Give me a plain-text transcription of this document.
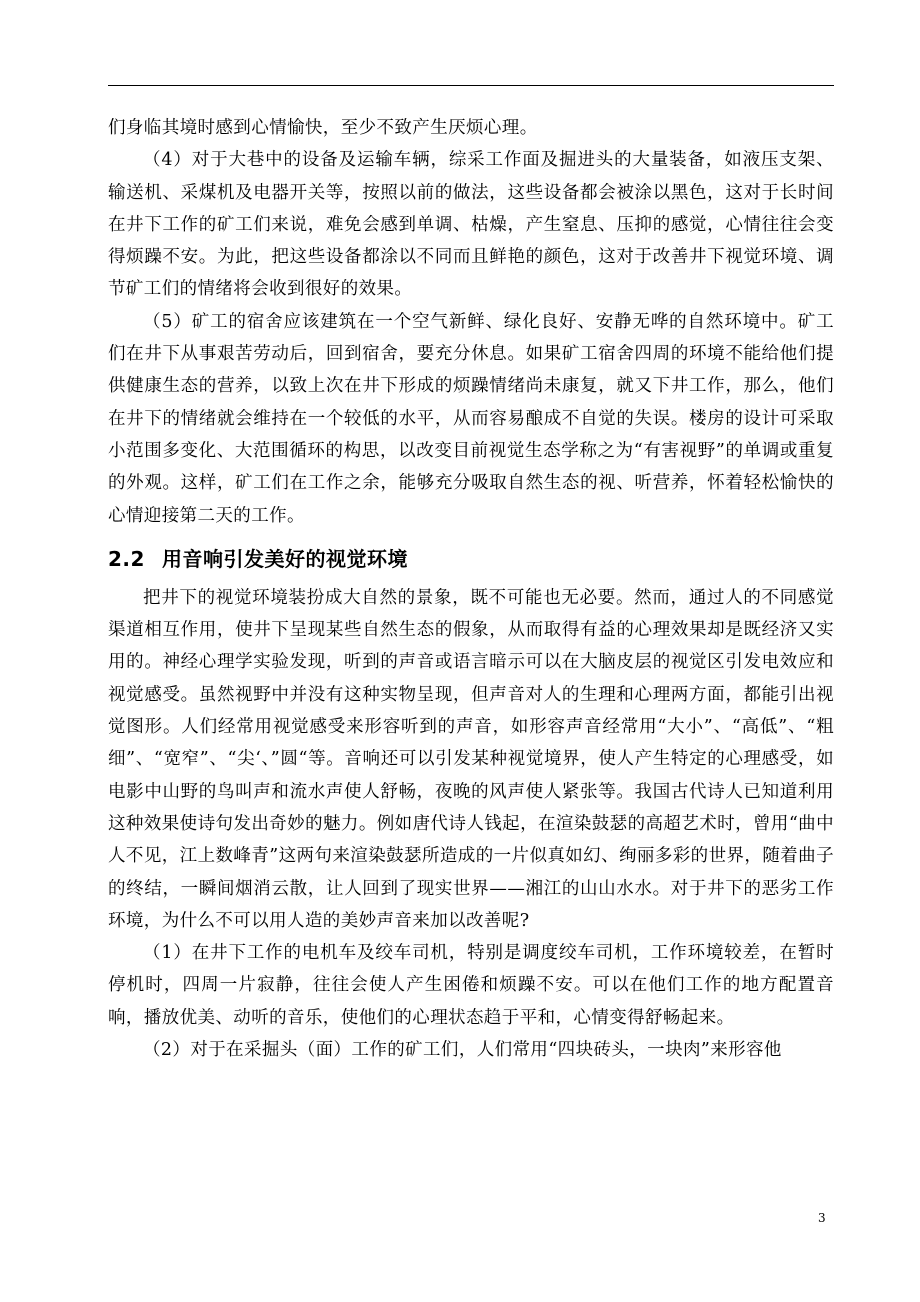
们身临其境时感到心情愉快，至少不致产生厌烦心理。

（4）对于大巷中的设备及运输车辆，综采工作面及掘进头的大量装备，如液压支架、输送机、采煤机及电器开关等，按照以前的做法，这些设备都会被涂以黑色，这对于长时间在井下工作的矿工们来说，难免会感到单调、枯燥，产生窒息、压抑的感觉，心情往往会变得烦躁不安。为此，把这些设备都涂以不同而且鲜艳的颜色，这对于改善井下视觉环境、调节矿工们的情绪将会收到很好的效果。

（5）矿工的宿舍应该建筑在一个空气新鲜、绿化良好、安静无哗的自然环境中。矿工们在井下从事艰苦劳动后，回到宿舍，要充分休息。如果矿工宿舍四周的环境不能给他们提供健康生态的营养，以致上次在井下形成的烦躁情绪尚未康复，就又下井工作，那么，他们在井下的情绪就会维持在一个较低的水平，从而容易酿成不自觉的失误。楼房的设计可采取小范围多变化、大范围循环的构思，以改变目前视觉生态学称之为“有害视野”的单调或重复的外观。这样，矿工们在工作之余，能够充分吸取自然生态的视、听营养，怀着轻松愉快的心情迎接第二天的工作。

2.2 用音响引发美好的视觉环境

把井下的视觉环境装扮成大自然的景象，既不可能也无必要。然而，通过人的不同感觉渠道相互作用，使井下呈现某些自然生态的假象，从而取得有益的心理效果却是既经济又实用的。神经心理学实验发现，听到的声音或语言暗示可以在大脑皮层的视觉区引发电效应和视觉感受。虽然视野中并没有这种实物呈现，但声音对人的生理和心理两方面，都能引出视觉图形。人们经常用视觉感受来形容听到的声音，如形容声音经常用“大小”、“高低”、“粗细”、“宽窄”、“尖‘、”圆“等。音响还可以引发某种视觉境界，使人产生特定的心理感受，如电影中山野的鸟叫声和流水声使人舒畅，夜晚的风声使人紧张等。我国古代诗人已知道利用这种效果使诗句发出奇妙的魅力。例如唐代诗人钱起，在渲染鼓瑟的高超艺术时，曾用“曲中人不见，江上数峰青”这两句来渲染鼓瑟所造成的一片似真如幻、绚丽多彩的世界，随着曲子的终结，一瞬间烟消云散，让人回到了现实世界——湘江的山山水水。对于井下的恶劣工作环境，为什么不可以用人造的美妙声音来加以改善呢?

（1）在井下工作的电机车及绞车司机，特别是调度绞车司机，工作环境较差，在暂时停机时，四周一片寂静，往往会使人产生困倦和烦躁不安。可以在他们工作的地方配置音响，播放优美、动听的音乐，使他们的心理状态趋于平和，心情变得舒畅起来。

（2）对于在采掘头（面）工作的矿工们，人们常用“四块砖头，一块肉”来形容他

3
